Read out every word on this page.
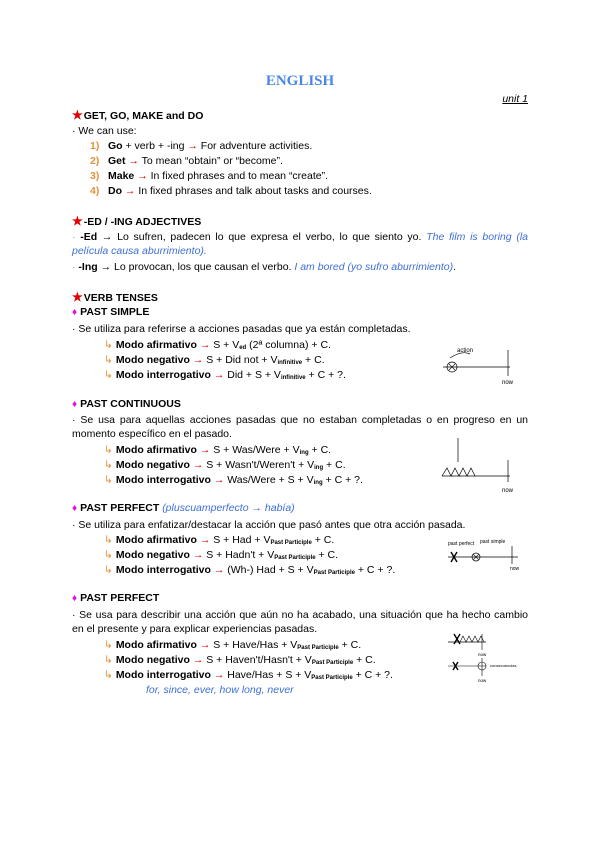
ENGLISH
unit 1
★GET, GO, MAKE and DO
· We can use:
1) Go + verb + -ing → For adventure activities.
2) Get → To mean “obtain” or “become”.
3) Make → In fixed phrases and to mean “create”.
4) Do → In fixed phrases and talk about tasks and courses.
★-ED / -ING ADJECTIVES
· -Ed → Lo sufren, padecen lo que expresa el verbo, lo que siento yo. The film is boring (la película causa aburrimiento).
· -Ing → Lo provocan, los que causan el verbo. I am bored (yo sufro aburrimiento).
★VERB TENSES
♦ PAST SIMPLE
· Se utiliza para referirse a acciones pasadas que ya están completadas.
↳ Modo afirmativo → $S + V_{ed}$ (2ª columna) + C.
↳ Modo negativo → S + Did not + $V_{infinitive} + C$.
↳ Modo interrogativo → Did + $S + V_{infinitive} + C$ + ?.
action
now
♦ PAST CONTINUOUS
· Se usa para aquellas acciones pasadas que no estaban completadas o en progreso en un momento específico en el pasado.
↳ Modo afirmativo → S + Was/Were + $V_{ing} + C$.
↳ Modo negativo → S + Wasn't/Weren't + $V_{ing} + C$.
↳ Modo interrogativo → Was/Were + $S + V_{ing} + C$ + ?.
now
♦ PAST PERFECT (pluscuamperfecto → había)
· Se utiliza para enfatizar/destacar la acción que pasó antes que otra acción pasada.
↳ Modo afirmativo → S + Had + $V_{Past Participle} + C$.
↳ Modo negativo → S + Hadn't + $V_{Past Participle} + C$.
↳ Modo interrogativo → (Wh-) Had + $S + V_{Past Participle} + C$ + ?.
past perfect past simple
now
♦ PAST PERFECT
· Se usa para describir una acción que aún no ha acabado, una situación que ha hecho cambio en el presente y para explicar experiencias pasadas.
↳ Modo afirmativo → S + Have/Has + $V_{Past Participle} + C$.
↳ Modo negativo → S + Haven't/Hasn't + $V_{Past Participle} + C$.
↳ Modo interrogativo → Have/Has + $S + V_{Past Participle} + C$ + ?.
for, since, ever, how long, never
now
consecuencias
now
